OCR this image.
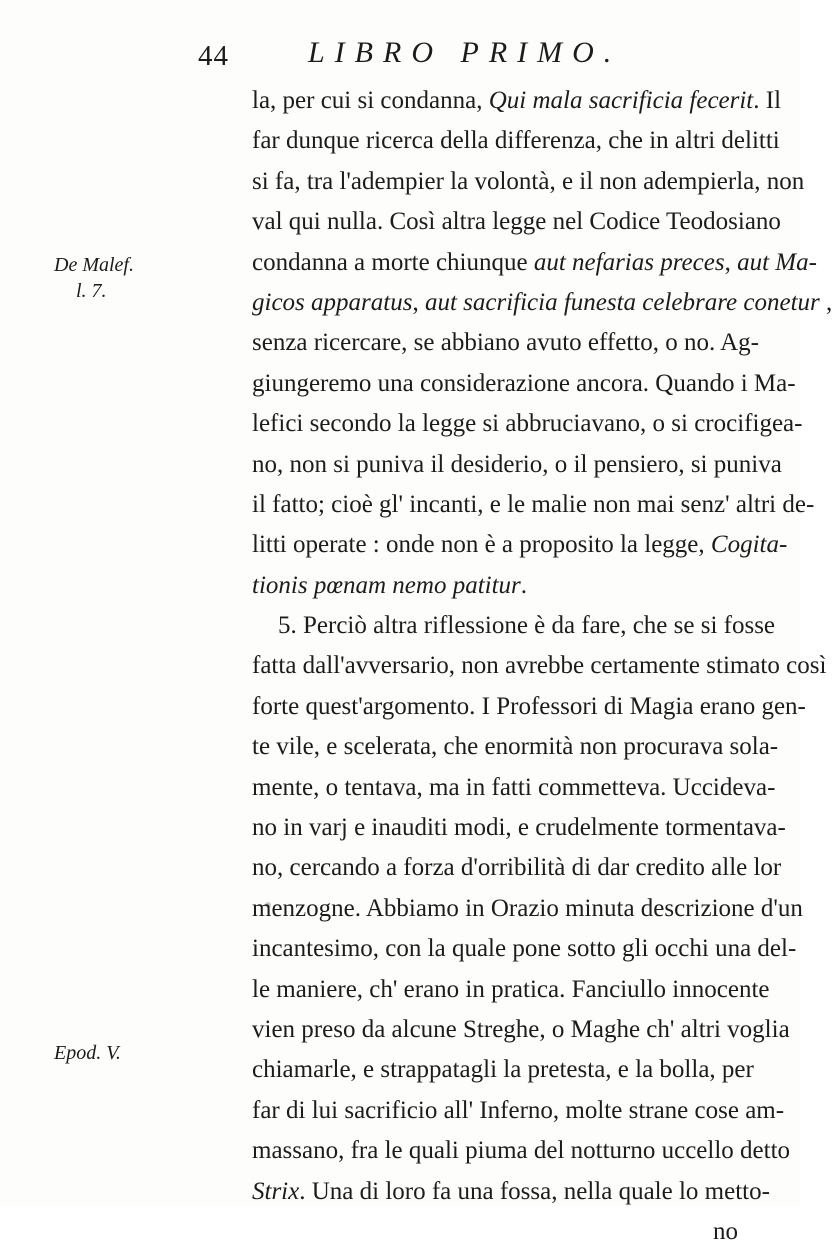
44	LIBRO PRIMO.
De Malef.
l. 7.
Epod. V.
la, per cui si condanna, Qui mala sacrificia fecerit. Il
far dunque ricerca della differenza, che in altri delitti
si fa, tra l'adempier la volontà, e il non adempierla, non
val qui nulla. Così altra legge nel Codice Teodosiano
condanna a morte chiunque aut nefarias preces, aut Ma-
gicos apparatus, aut sacrificia funesta celebrare conetur ,
senza ricercare, se abbiano avuto effetto, o no. Ag-
giungeremo una considerazione ancora. Quando i Ma-
lefici secondo la legge si abbruciavano, o si crocifigea-
no, non si puniva il desiderio, o il pensiero, si puniva
il fatto; cioè gl' incanti, e le malie non mai senz' altri de-
litti operate : onde non è a proposito la legge, Cogita-
tionis pœnam nemo patitur.
5. Perciò altra riflessione è da fare, che se si fosse
fatta dall'avversario, non avrebbe certamente stimato così
forte quest'argomento. I Professori di Magia erano gen-
te vile, e scelerata, che enormità non procurava sola-
mente, o tentava, ma in fatti commetteva. Uccideva-
no in varj e inauditi modi, e crudelmente tormentava-
no, cercando a forza d'orribilità di dar credito alle lor
menzogne. Abbiamo in Orazio minuta descrizione d'un
incantesimo, con la quale pone sotto gli occhi una del-
le maniere, ch' erano in pratica. Fanciullo innocente
vien preso da alcune Streghe, o Maghe ch' altri voglia
chiamarle, e strappatagli la pretesta, e la bolla, per
far di lui sacrificio all' Inferno, molte strane cose am-
massano, fra le quali piuma del notturno uccello detto
Strix. Una di loro fa una fossa, nella quale lo metto-
no
